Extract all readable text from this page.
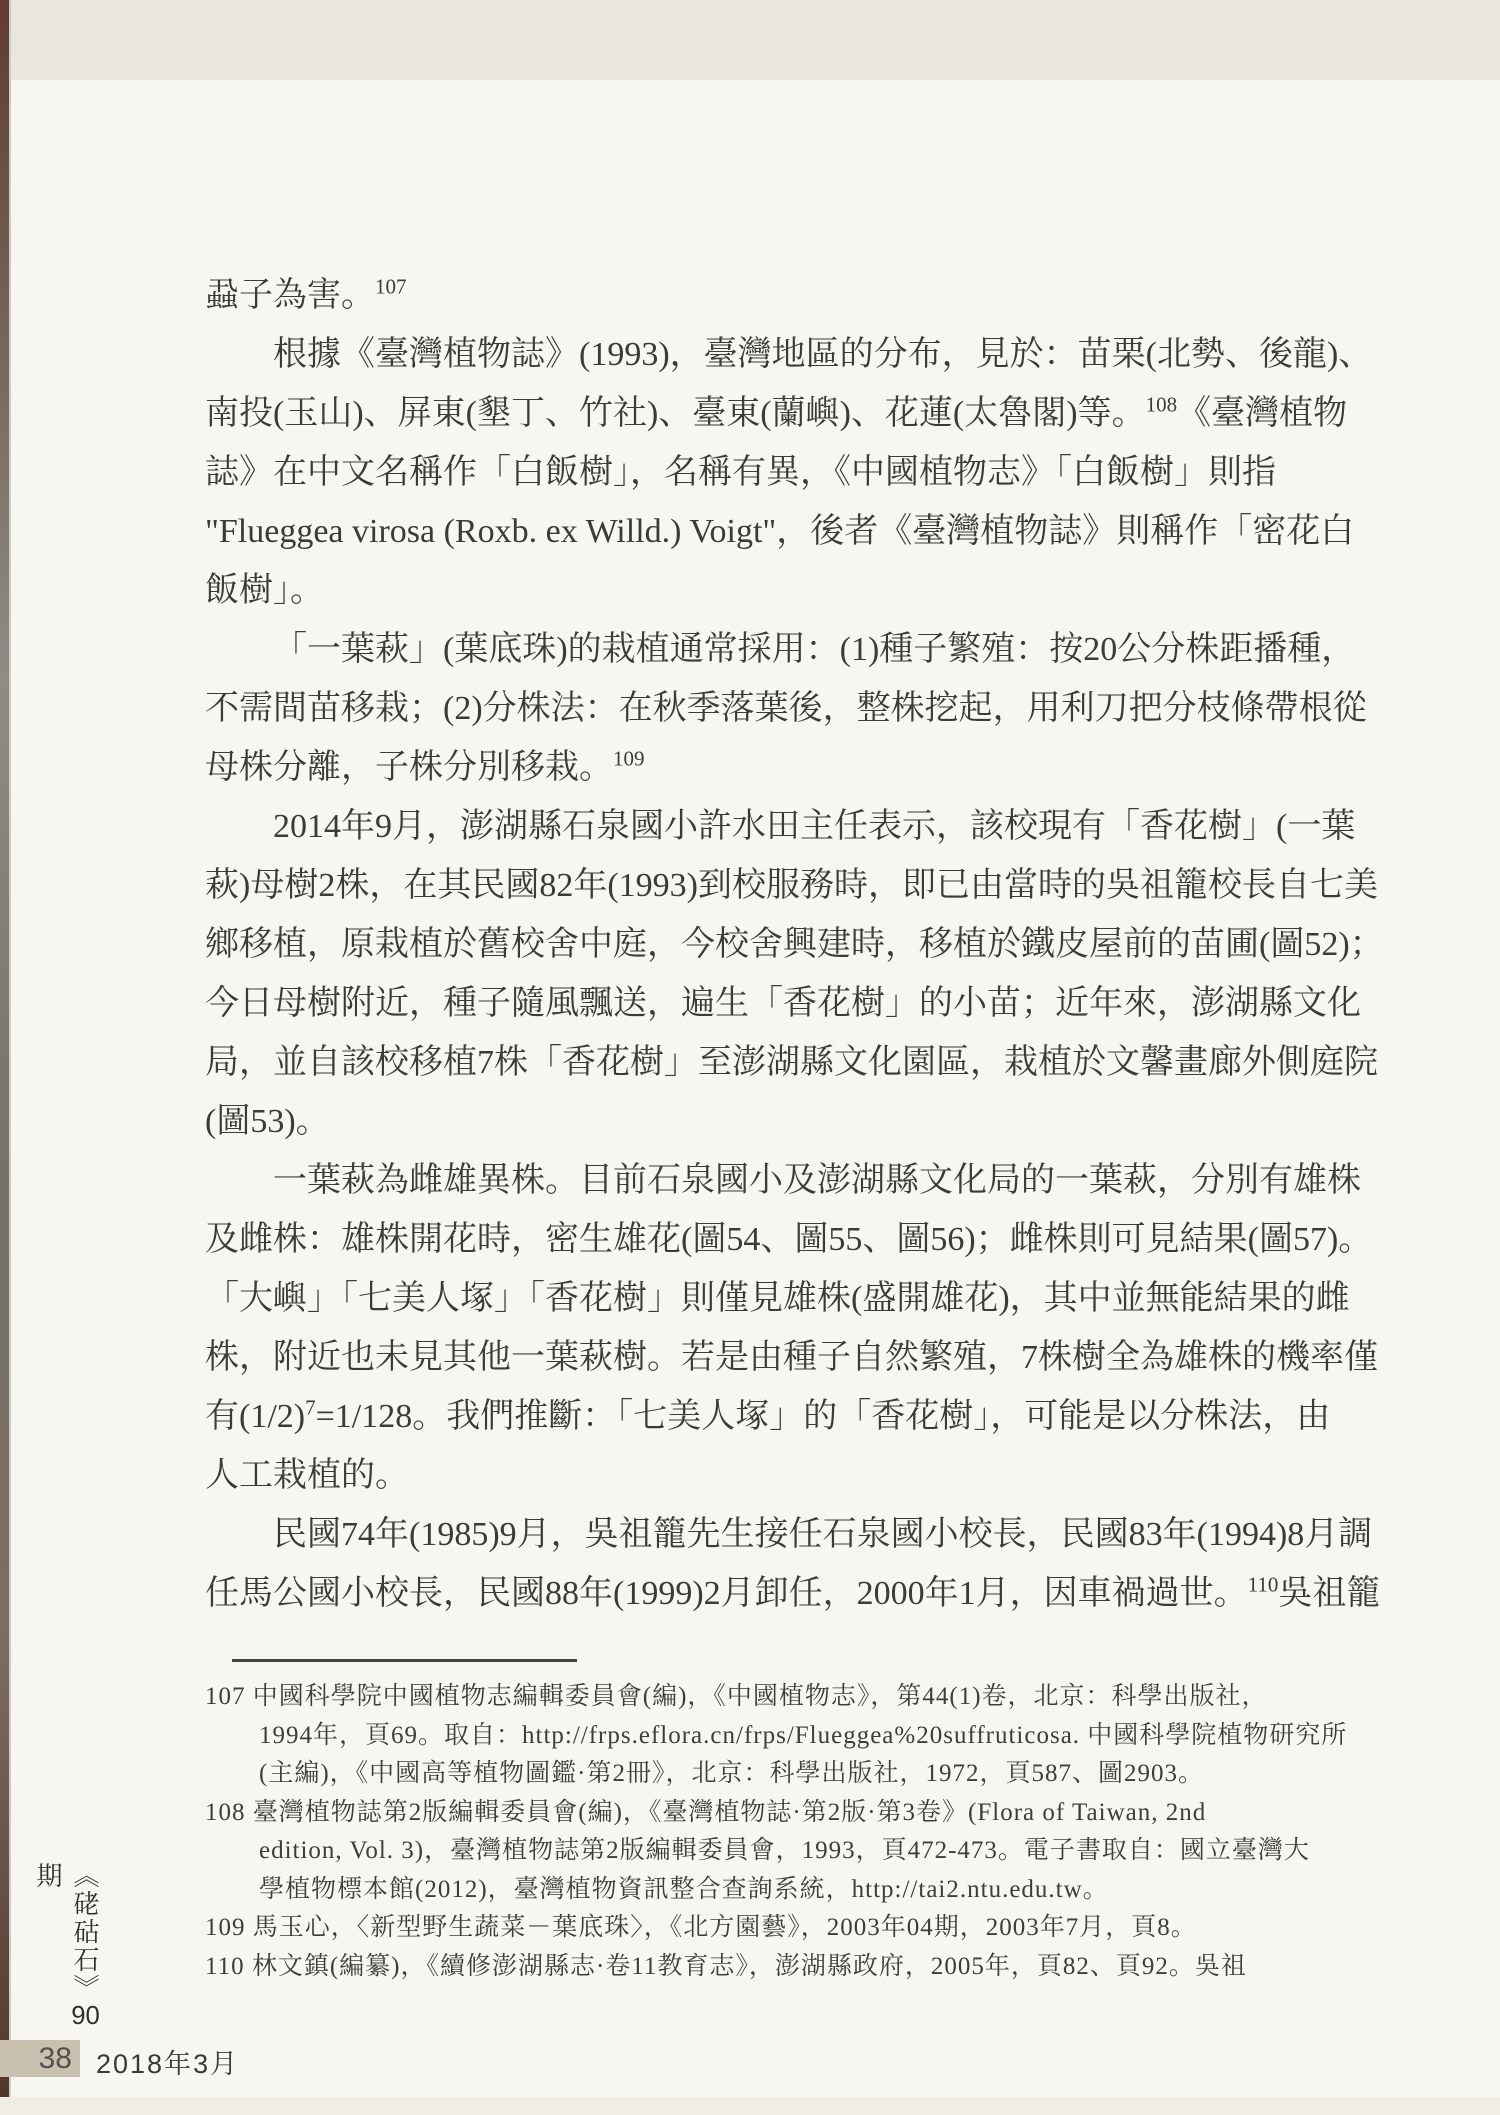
蝨子為害。$^{107}$
根據《臺灣植物誌》(1993)，臺灣地區的分布，見於：苗栗(北勢、後龍)、
南投(玉山)、屏東(墾丁、竹社)、臺東(蘭嶼)、花蓮(太魯閣)等。$^{108}$《臺灣植物
誌》在中文名稱作「白飯樹」，名稱有異，《中國植物志》「白飯樹」則指
"Flueggea virosa (Roxb. ex Willd.) Voigt"，後者《臺灣植物誌》則稱作「密花白
飯樹」。
「一葉萩」(葉底珠)的栽植通常採用：(1)種子繁殖：按20公分株距播種，
不需間苗移栽；(2)分株法：在秋季落葉後，整株挖起，用利刀把分枝條帶根從
母株分離，子株分別移栽。$^{109}$
2014年9月，澎湖縣石泉國小許水田主任表示，該校現有「香花樹」(一葉
萩)母樹2株，在其民國82年(1993)到校服務時，即已由當時的吳祖籠校長自七美
鄉移植，原栽植於舊校舍中庭，今校舍興建時，移植於鐵皮屋前的苗圃(圖52)；
今日母樹附近，種子隨風飄送，遍生「香花樹」的小苗；近年來，澎湖縣文化
局，並自該校移植7株「香花樹」至澎湖縣文化園區，栽植於文馨畫廊外側庭院
(圖53)。
一葉萩為雌雄異株。目前石泉國小及澎湖縣文化局的一葉萩，分別有雄株
及雌株：雄株開花時，密生雄花(圖54、圖55、圖56)；雌株則可見結果(圖57)。
「大嶼」「七美人塚」「香花樹」則僅見雄株(盛開雄花)，其中並無能結果的雌
株，附近也未見其他一葉萩樹。若是由種子自然繁殖，7株樹全為雄株的機率僅
有$(1/2)^7=1/128$。我們推斷：「七美人塚」的「香花樹」，可能是以分株法，由
人工栽植的。
民國74年(1985)9月，吳祖籠先生接任石泉國小校長，民國83年(1994)8月調
任馬公國小校長，民國88年(1999)2月卸任，2000年1月，因車禍過世。$^{110}$吳祖籠
107 中國科學院中國植物志編輯委員會(編)，《中國植物志》，第44(1)卷，北京：科學出版社，
1994年，頁69。取自：http://frps.eflora.cn/frps/Flueggea%20suffruticosa. 中國科學院植物研究所
(主編)，《中國高等植物圖鑑·第2冊》，北京：科學出版社，1972，頁587、圖2903。
108 臺灣植物誌第2版編輯委員會(編)，《臺灣植物誌·第2版·第3卷》(Flora of Taiwan, 2nd
edition, Vol. 3)，臺灣植物誌第2版編輯委員會，1993，頁472-473。電子書取自：國立臺灣大
學植物標本館(2012)，臺灣植物資訊整合查詢系統，http://tai2.ntu.edu.tw。
109 馬玉心，〈新型野生蔬菜－葉底珠〉，《北方園藝》，2003年04期，2003年7月，頁8。
110 林文鎮(編纂)，《續修澎湖縣志·卷11教育志》，澎湖縣政府，2005年，頁82、頁92。吳祖
《硓𥑮石》90期
38 2018年3月
